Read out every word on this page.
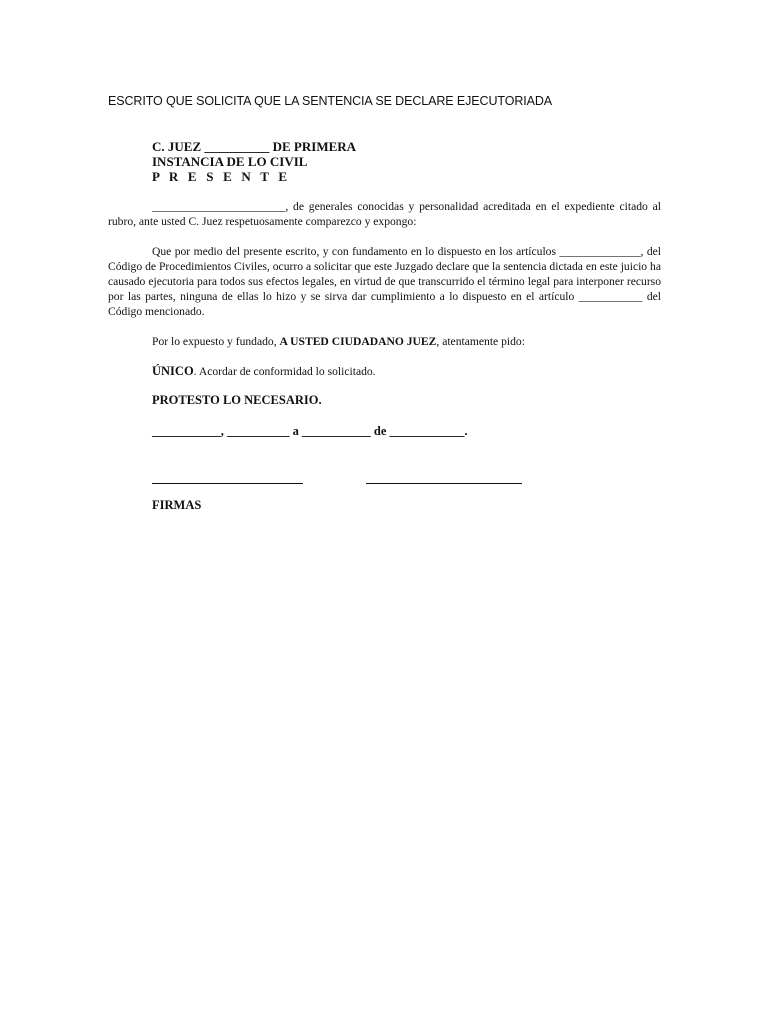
ESCRITO QUE SOLICITA QUE LA SENTENCIA SE DECLARE EJECUTORIADA
C. JUEZ __________ DE PRIMERA
INSTANCIA DE LO CIVIL
P R E S E N T E
_______________________, de generales conocidas y personalidad acreditada en el expediente citado al rubro, ante usted C. Juez respetuosamente comparezco y expongo:
Que por medio del presente escrito, y con fundamento en lo dispuesto en los artículos ______________, del Código de Procedimientos Civiles, ocurro a solicitar que este Juzgado declare que la sentencia dictada en este juicio ha causado ejecutoria para todos sus efectos legales, en virtud de que transcurrido el término legal para interponer recurso por las partes, ninguna de ellas lo hizo y se sirva dar cumplimiento a lo dispuesto en el artículo ___________ del Código mencionado.
Por lo expuesto y fundado, A USTED CIUDADANO JUEZ, atentamente pido:
ÚNICO. Acordar de conformidad lo solicitado.
PROTESTO LO NECESARIO.
___________, __________ a ___________ de ____________.
FIRMAS
